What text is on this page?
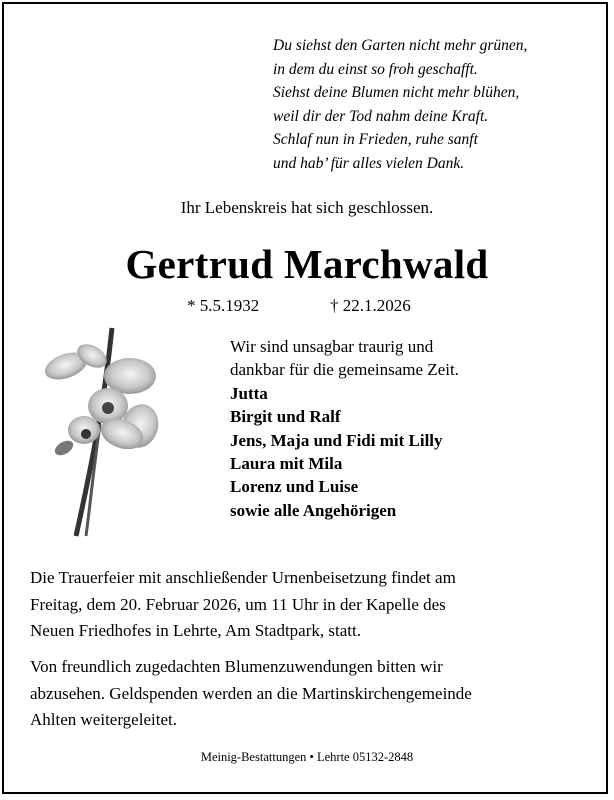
Du siehst den Garten nicht mehr grünen,
in dem du einst so froh geschafft.
Siehst deine Blumen nicht mehr blühen,
weil dir der Tod nahm deine Kraft.
Schlaf nun in Frieden, ruhe sanft
und hab’ für alles vielen Dank.
Ihr Lebenskreis hat sich geschlossen.
Gertrud Marchwald
* 5.5.1932	† 22.1.2026
Wir sind unsagbar traurig und
dankbar für die gemeinsame Zeit.
Jutta
Birgit und Ralf
Jens, Maja und Fidi mit Lilly
Laura mit Mila
Lorenz und Luise
sowie alle Angehörigen
Die Trauerfeier mit anschließender Urnenbeisetzung findet am
Freitag, dem 20. Februar 2026, um 11 Uhr in der Kapelle des
Neuen Friedhofes in Lehrte, Am Stadtpark, statt.
Von freundlich zugedachten Blumenzuwendungen bitten wir
abzusehen. Geldspenden werden an die Martinskirchengemeinde
Ahlten weitergeleitet.
Meinig-Bestattungen • Lehrte 05132-2848
